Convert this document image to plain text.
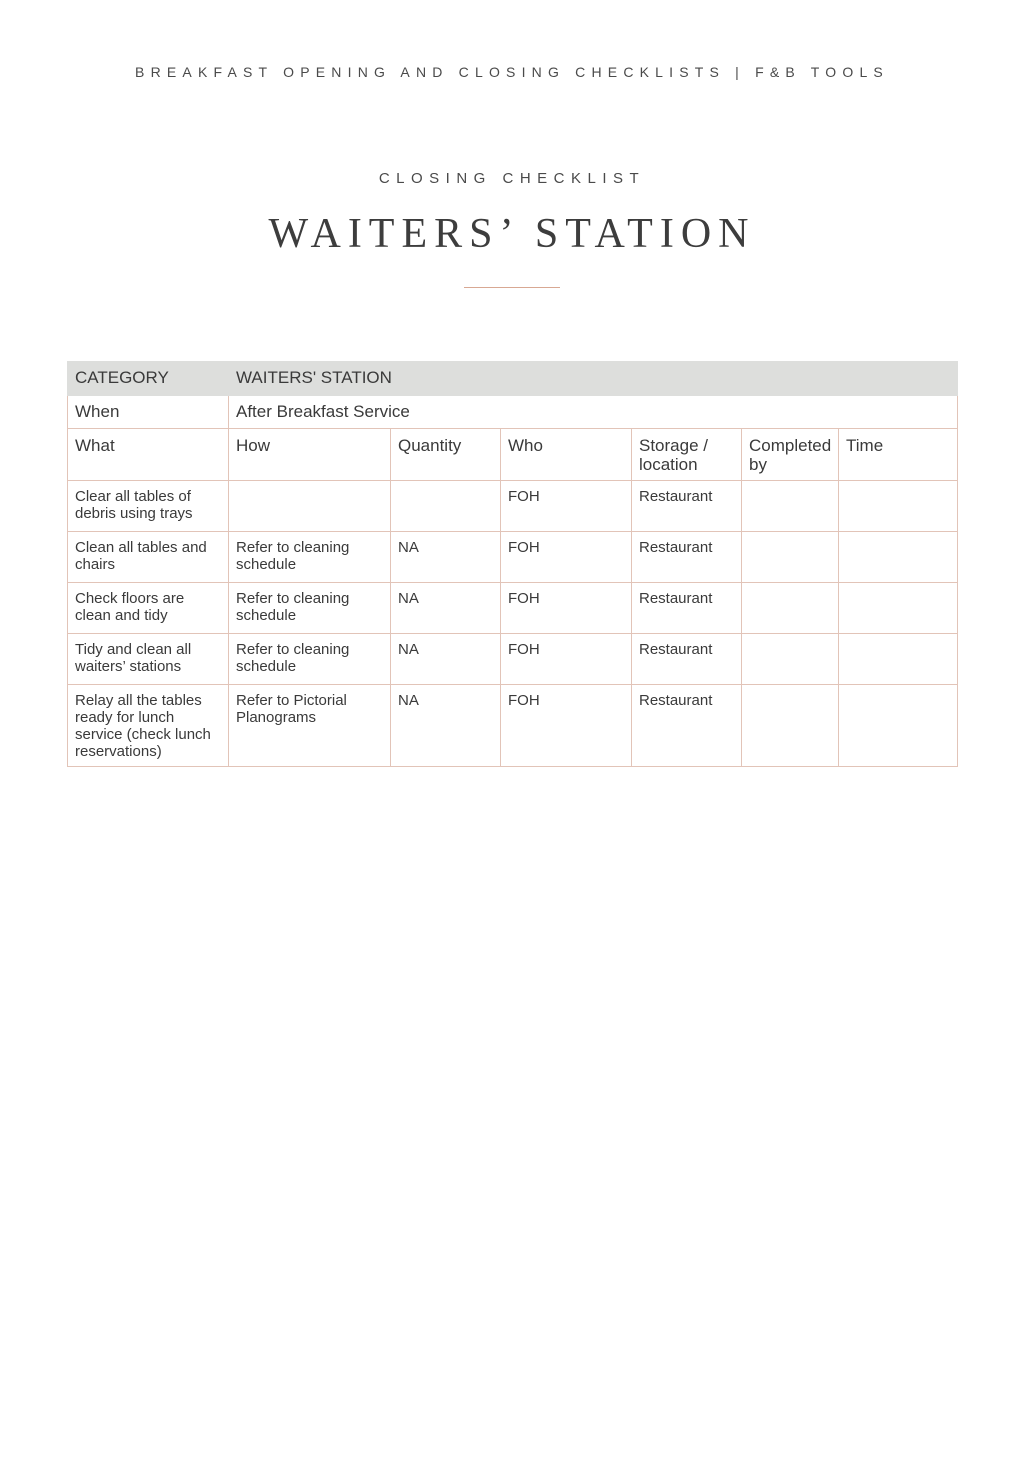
BREAKFAST OPENING AND CLOSING CHECKLISTS | F&B TOOLS
CLOSING CHECKLIST
WAITERS’ STATION
CATEGORY	WAITERS' STATION					
When	After Breakfast Service					
What	How	Quantity	Who	Storage / location	Completed by	Time
Clear all tables of debris using trays			FOH	Restaurant		
Clean all tables and chairs	Refer to cleaning schedule	NA	FOH	Restaurant		
Check floors are clean and tidy	Refer to cleaning schedule	NA	FOH	Restaurant		
Tidy and clean all waiters’ stations	Refer to cleaning schedule	NA	FOH	Restaurant		
Relay all the tables ready for lunch service (check lunch reservations)	Refer to Pictorial Planograms	NA	FOH	Restaurant		
